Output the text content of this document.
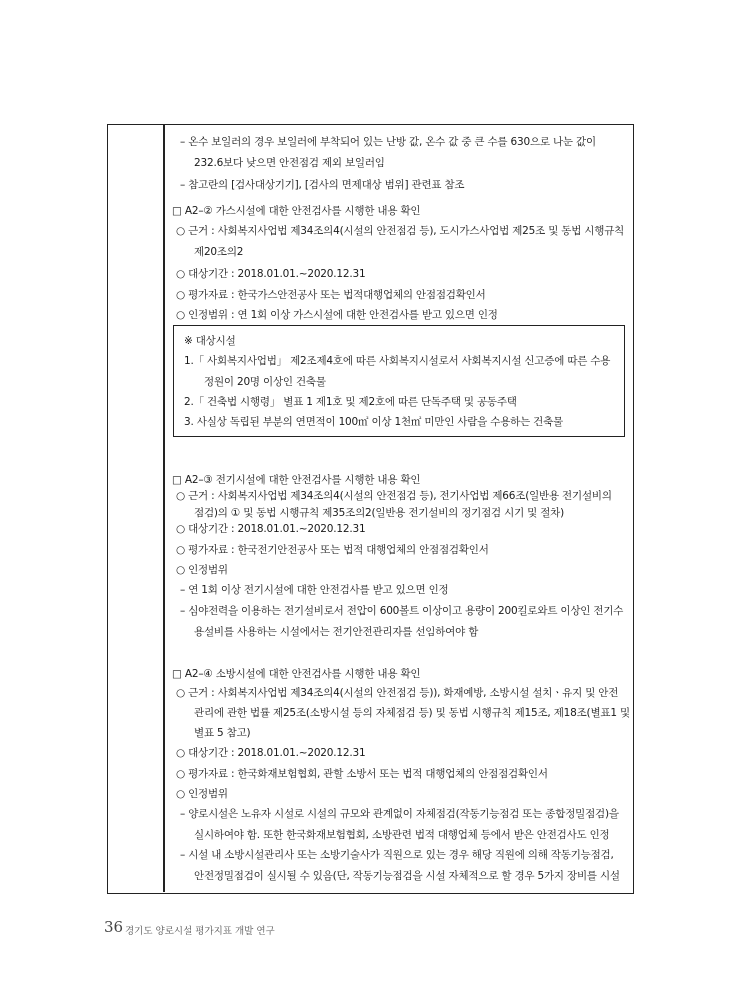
– 온수 보일러의 경우 보일러에 부착되어 있는 난방 값, 온수 값 중 큰 수를 630으로 나눈 값이
232.6보다 낮으면 안전점검 제외 보일러임
– 참고란의 [검사대상기기], [검사의 면제대상 범위] 관련표 참조
□ A2–② 가스시설에 대한 안전검사를 시행한 내용 확인
○ 근거 : 사회복지사업법 제34조의4(시설의 안전점검 등), 도시가스사업법 제25조 및 동법 시행규칙
제20조의2
○ 대상기간 : 2018.01.01.~2020.12.31
○ 평가자료 : 한국가스안전공사 또는 법적대행업체의 안점점검확인서
○ 인정범위 : 연 1회 이상 가스시설에 대한 안전검사를 받고 있으면 인정
※ 대상시설
1.「 사회복지사업법」 제2조제4호에 따른 사회복지시설로서 사회복지시설 신고증에 따른 수용
정원이 20명 이상인 건축물
2.「 건축법 시행령」 별표 1 제1호 및 제2호에 따른 단독주택 및 공동주택
3. 사실상 독립된 부분의 연면적이 100㎡ 이상 1천㎡ 미만인 사람을 수용하는 건축물
□ A2–③ 전기시설에 대한 안전검사를 시행한 내용 확인
○ 근거 : 사회복지사업법 제34조의4(시설의 안전점검 등), 전기사업법 제66조(일반용 전기설비의
점검)의 ① 및 동법 시행규칙 제35조의2(일반용 전기설비의 정기점검 시기 및 절차)
○ 대상기간 : 2018.01.01.~2020.12.31
○ 평가자료 : 한국전기안전공사 또는 법적 대행업체의 안점점검확인서
○ 인정범위
– 연 1회 이상 전기시설에 대한 안전검사를 받고 있으면 인정
– 심야전력을 이용하는 전기설비로서 전압이 600볼트 이상이고 용량이 200킬로와트 이상인 전기수
용설비를 사용하는 시설에서는 전기안전관리자를 선임하여야 함
□ A2–④ 소방시설에 대한 안전검사를 시행한 내용 확인
○ 근거 : 사회복지사업법 제34조의4(시설의 안전점검 등)), 화재예방, 소방시설 설치ㆍ유지 및 안전
관리에 관한 법률 제25조(소방시설 등의 자체점검 등) 및 동법 시행규칙 제15조, 제18조(별표1 및
별표 5 참고)
○ 대상기간 : 2018.01.01.~2020.12.31
○ 평가자료 : 한국화재보험협회, 관할 소방서 또는 법적 대행업체의 안점점검확인서
○ 인정범위
– 양로시설은 노유자 시설로 시설의 규모와 관계없이 자체점검(작동기능점검 또는 종합정밀점검)을
실시하여야 함. 또한 한국화재보험협회, 소방관련 법적 대행업체 등에서 받은 안전검사도 인정
– 시설 내 소방시설관리사 또는 소방기술사가 직원으로 있는 경우 해당 직원에 의해 작동기능점검,
안전정밀점검이 실시될 수 있음(단, 작동기능점검을 시설 자체적으로 할 경우 5가지 장비를 시설
36 경기도 양로시설 평가지표 개발 연구
